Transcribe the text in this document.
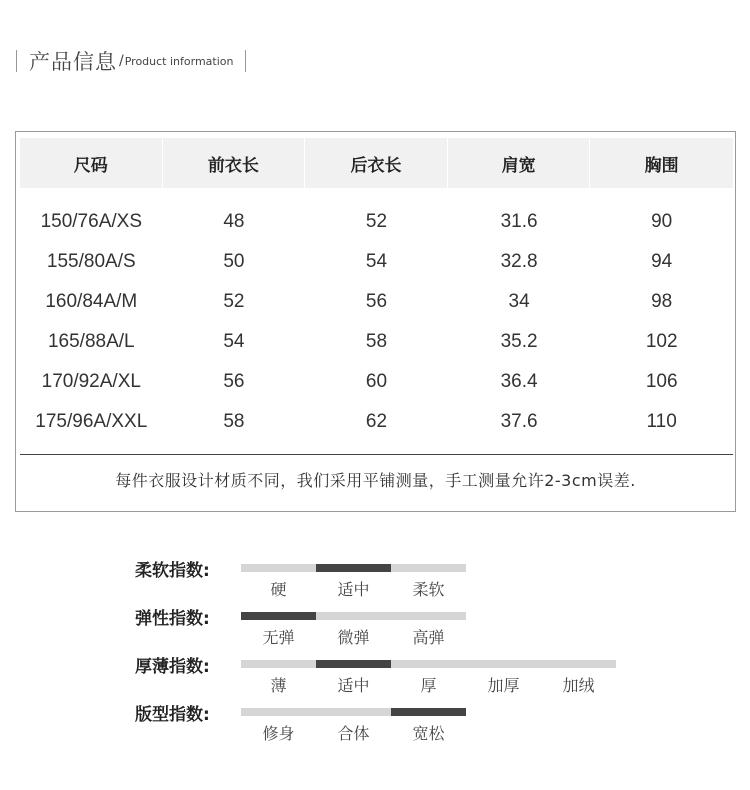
产品信息 / Product information
尺码	前衣长	后衣长	肩宽	胸围
150/76A/XS	48	52	31.6	90
155/80A/S	50	54	32.8	94
160/84A/M	52	56	34	98
165/88A/L	54	58	35.2	102
170/92A/XL	56	60	36.4	106
175/96A/XXL	58	62	37.6	110
每件衣服设计材质不同，我们采用平铺测量，手工测量允许2-3cm误差.
柔软指数:
硬	适中	柔软
弹性指数:
无弹	微弹	高弹
厚薄指数:
薄	适中	厚	加厚	加绒
版型指数:
修身	合体	宽松
